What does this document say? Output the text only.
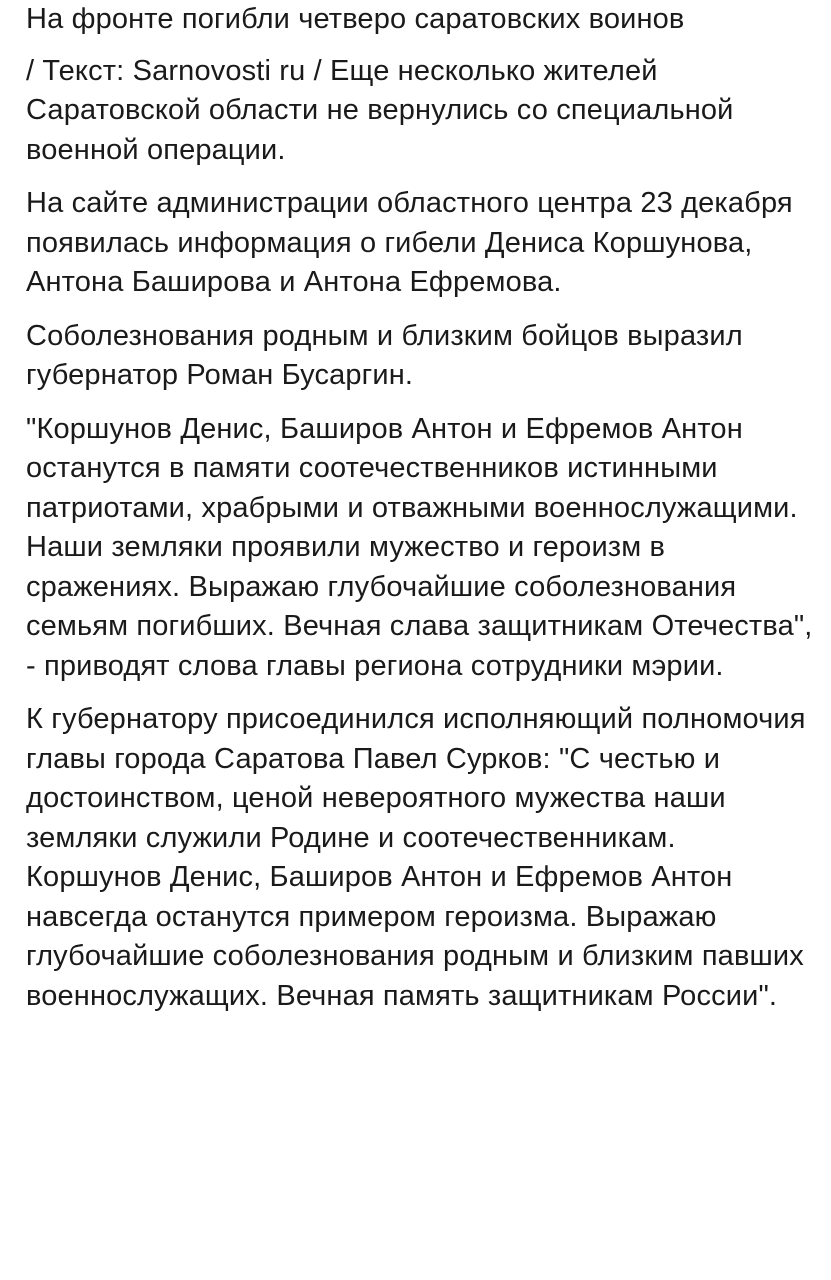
На фронте погибли четверо саратовских воинов

/ Текст: Sarnovosti ru / Еще несколько жителей Саратовской области не вернулись со специальной военной операции.

На сайте администрации областного центра 23 декабря появилась информация о гибели Дениса Коршунова, Антона Баширова и Антона Ефремова.

Соболезнования родным и близким бойцов выразил губернатор Роман Бусаргин.

"Коршунов Денис, Баширов Антон и Ефремов Антон останутся в памяти соотечественников истинными патриотами, храбрыми и отважными военнослужащими. Наши земляки проявили мужество и героизм в сражениях. Выражаю глубочайшие соболезнования семьям погибших. Вечная слава защитникам Отечества", - приводят слова главы региона сотрудники мэрии.

К губернатору присоединился исполняющий полномочия главы города Саратова Павел Сурков: "С честью и достоинством, ценой невероятного мужества наши земляки служили Родине и соотечественникам. Коршунов Денис, Баширов Антон и Ефремов Антон навсегда останутся примером героизма. Выражаю глубочайшие соболезнования родным и близким павших военнослужащих. Вечная память защитникам России".
